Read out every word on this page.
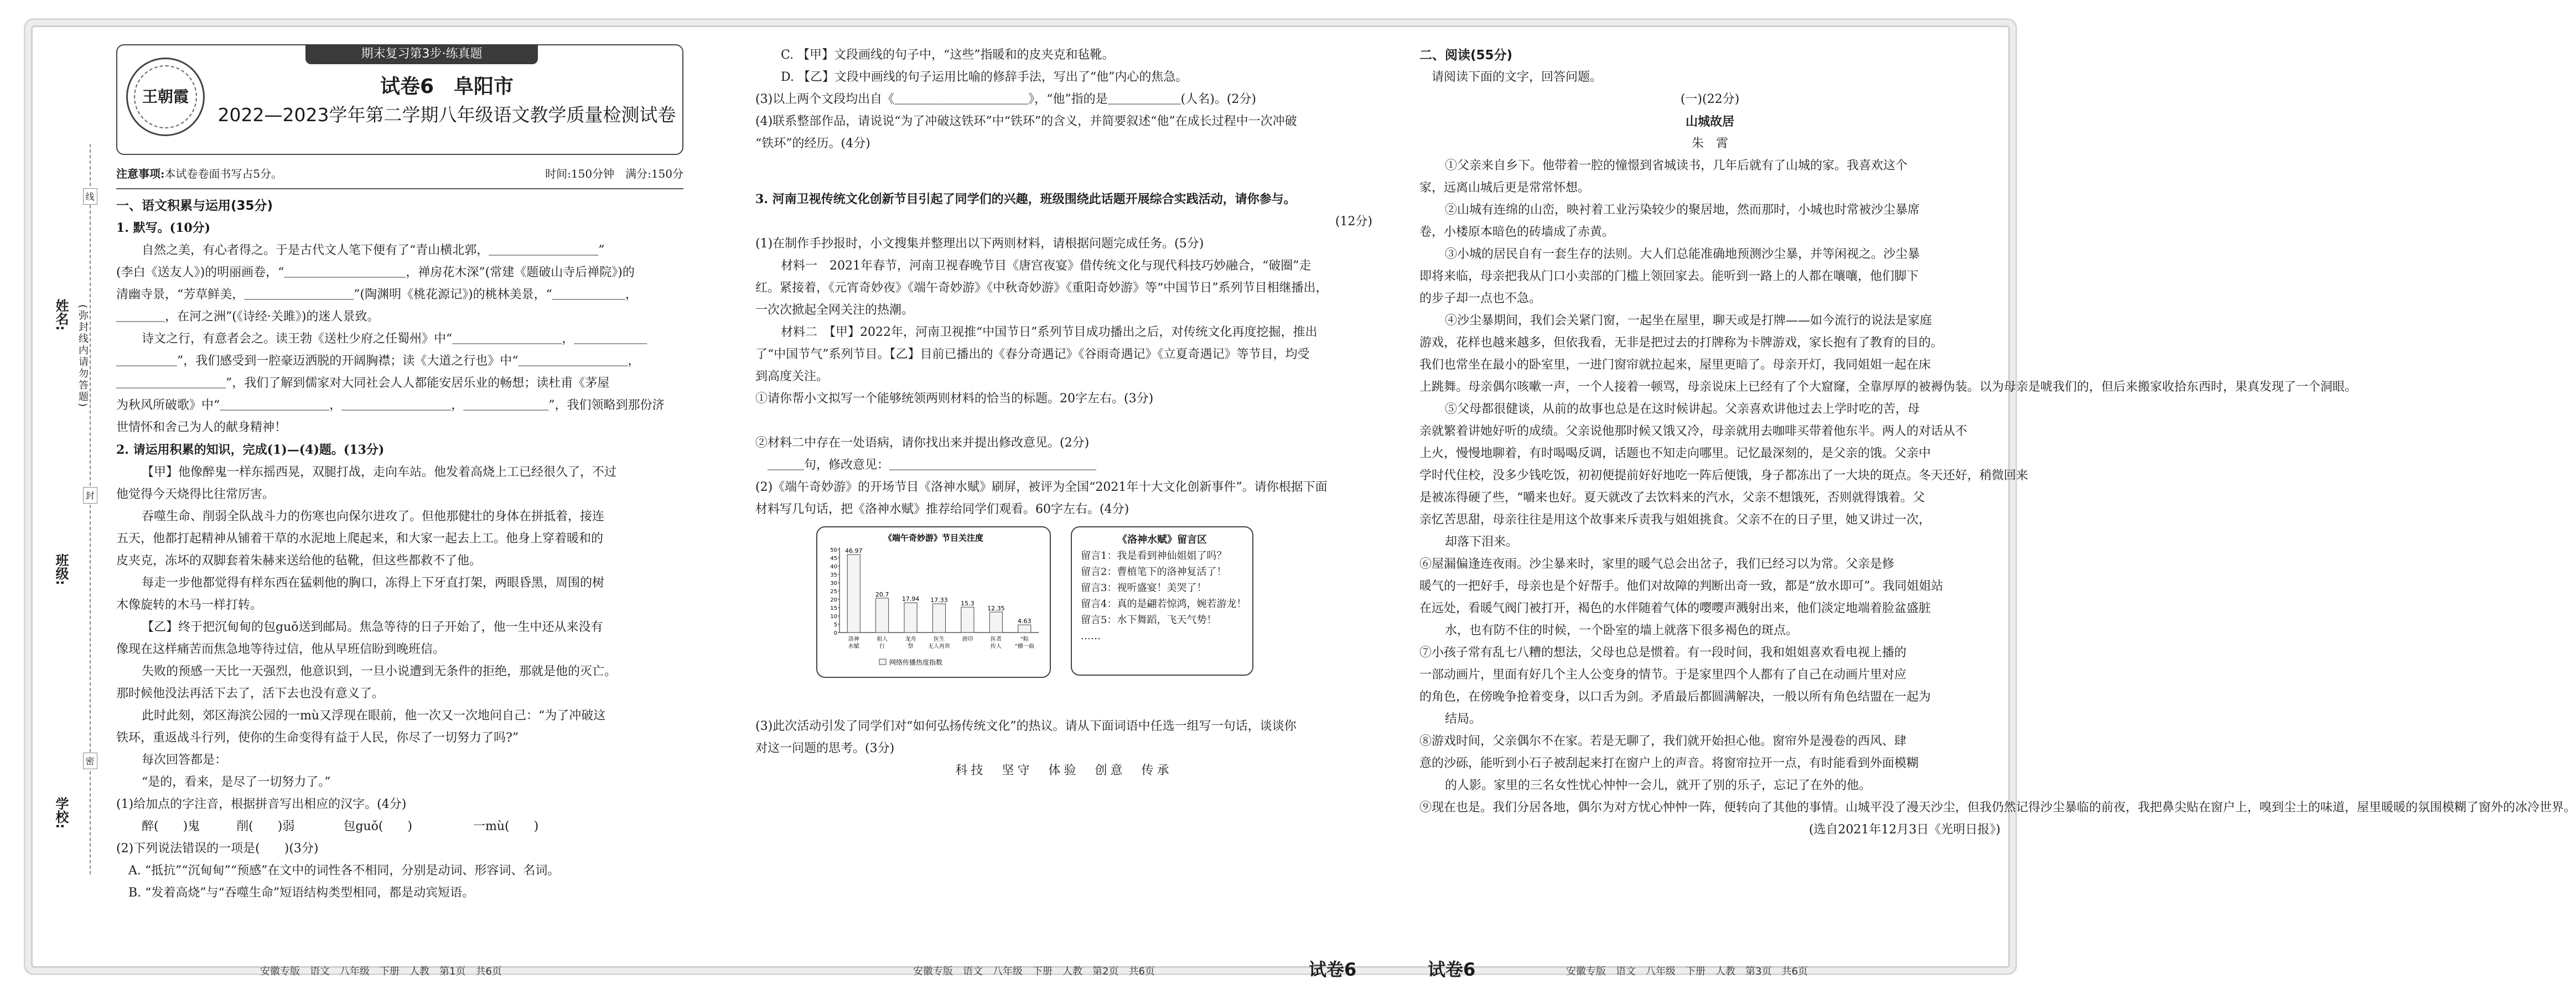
姓名:
班级:
学校:
(弥封线内请勿答题)
线
封
密
期末复习第3步·练真题
王朝霞	试卷6　阜阳市
2022—2023学年第二学期八年级语文教学质量检测试卷
注意事项:本试卷卷面书写占5分。	时间:150分钟　满分:150分

一、语文积累与运用(35分)

1. 默写。(10分)

自然之美，有心者得之。于是古代文人笔下便有了“青山横北郭，＿＿＿＿＿＿＿＿＿”

(李白《送友人》)的明丽画卷，“＿＿＿＿＿＿＿＿＿＿，禅房花木深”(常建《题破山寺后禅院》)的

清幽寺景，“芳草鲜美，＿＿＿＿＿＿＿＿＿”(陶渊明《桃花源记》)的桃林美景，“＿＿＿＿＿＿，

＿＿＿＿，在河之洲”(《诗经·关雎》)的迷人景致。

诗文之行，有意者会之。读王勃《送杜少府之任蜀州》中“＿＿＿＿＿＿＿＿＿，＿＿＿＿＿＿

＿＿＿＿＿”，我们感受到一腔豪迈洒脱的开阔胸襟；读《大道之行也》中“＿＿＿＿＿＿＿＿＿，

＿＿＿＿＿＿＿＿＿”，我们了解到儒家对大同社会人人都能安居乐业的畅想；读杜甫《茅屋

为秋风所破歌》中“＿＿＿＿＿＿＿＿＿，＿＿＿＿＿＿＿＿＿，＿＿＿＿＿＿＿”，我们领略到那份济

世情怀和舍己为人的献身精神！

2. 请运用积累的知识，完成(1)—(4)题。(13分)

【甲】他像醉鬼一样东摇西晃，双腿打战，走向车站。他发着高烧上工已经很久了，不过

他觉得今天烧得比往常厉害。

吞噬生命、削弱全队战斗力的伤寒也向保尔进攻了。但他那健壮的身体在拼抵着，接连

五天，他都打起精神从铺着干草的水泥地上爬起来，和大家一起去上工。他身上穿着暖和的

皮夹克，冻坏的双脚套着朱赫来送给他的毡靴，但这些都救不了他。

每走一步他都觉得有样东西在猛刺他的胸口，冻得上下牙直打架，两眼昏黑，周围的树

木像旋转的木马一样打转。

【乙】终于把沉甸甸的包guǒ送到邮局。焦急等待的日子开始了，他一生中还从来没有

像现在这样痛苦而焦急地等待过信，他从早班信盼到晚班信。

失败的预感一天比一天强烈，他意识到，一旦小说遭到无条件的拒绝，那就是他的灭亡。

那时候他没法再活下去了，活下去也没有意义了。

此时此刻，郊区海滨公园的一mù又浮现在眼前，他一次又一次地问自己：“为了冲破这

铁环，重返战斗行列，使你的生命变得有益于人民，你尽了一切努力了吗?”

每次回答都是：

“是的，看来，是尽了一切努力了。”

(1)给加点的字注音，根据拼音写出相应的汉字。(4分)

醉(　　)鬼　　　削(　　)弱　　　　包guǒ(　　)　　　　　一mù(　　)

(2)下列说法错误的一项是(　　)(3分)

A. “抵抗”“沉甸甸”“预感”在文中的词性各不相同，分别是动词、形容词、名词。

B. “发着高烧”与“吞噬生命”短语结构类型相同，都是动宾短语。

安徽专版　语文　八年级　下册　人教　第1页　共6页

C. 【甲】文段画线的句子中，“这些”指暖和的皮夹克和毡靴。

D. 【乙】文段中画线的句子运用比喻的修辞手法，写出了“他”内心的焦急。

(3)以上两个文段均出自《＿＿＿＿＿＿＿＿＿＿＿》，“他”指的是＿＿＿＿＿＿(人名)。(2分)

(4)联系整部作品，请说说“为了冲破这铁环”中“铁环”的含义，并简要叙述“他”在成长过程中一次冲破

“铁环”的经历。(4分)

3. 河南卫视传统文化创新节目引起了同学们的兴趣，班级围绕此话题开展综合实践活动，请你参与。

(12分)

(1)在制作手抄报时，小文搜集并整理出以下两则材料，请根据问题完成任务。(5分)

材料一　2021年春节，河南卫视春晚节目《唐宫夜宴》借传统文化与现代科技巧妙融合，“破圈”走

红。紧接着，《元宵奇妙夜》《端午奇妙游》《中秋奇妙游》《重阳奇妙游》等“中国节日”系列节目相继播出，

一次次掀起全网关注的热潮。

材料二　【甲】2022年，河南卫视推“中国节日”系列节目成功播出之后，对传统文化再度挖掘，推出

了“中国节气”系列节目。【乙】目前已播出的《春分奇遇记》《谷雨奇遇记》《立夏奇遇记》等节目，均受

到高度关注。

①请你帮小文拟写一个能够统领两则材料的恰当的标题。20字左右。(3分)

②材料二中存在一处语病，请你找出来并提出修改意见。(2分)

＿＿＿句，修改意见：＿＿＿＿＿＿＿＿＿＿＿＿＿＿＿＿＿

(2)《端午奇妙游》的开场节目《洛神水赋》刷屏，被评为全国“2021年十大文化创新事件”。请你根据下面

材料写几句话，把《洛神水赋》推荐给同学们观看。60字左右。(4分)

《端午奇妙游》节目关注度
0
5
10
15
20
25
30
35
40
45
50 46.97
洛神
水赋
20.7
祖人
行
17.94
龙舟
祭
17.33
医生
无人再世
15.3
唐印
12.35
医者
传人
4.63
“粽
”横一曲
网络传播热度指数

《洛神水赋》留言区

留言1：我是看到神仙姐姐了吗？

留言2：曹植笔下的洛神复活了！

留言3：视听盛宴！美哭了！

留言4：真的是翩若惊鸿，婉若游龙！

留言5：水下舞蹈，飞天气势！

……

(3)此次活动引发了同学们对“如何弘扬传统文化”的热议。请从下面词语中任选一组写一句话，谈谈你

对这一问题的思考。(3分)

科技　坚守　体验　创意　传承

安徽专版　语文　八年级　下册　人教　第2页　共6页	试卷6

二、阅读(55分)

请阅读下面的文字，回答问题。

(一)(22分)

山城故居

朱　霄

①父亲来自乡下。他带着一腔的憧憬到省城读书，几年后就有了山城的家。我喜欢这个

家，远离山城后更是常常怀想。

②山城有连绵的山峦，映衬着工业污染较少的聚居地，然而那时，小城也时常被沙尘暴席

卷，小楼原本暗色的砖墙成了赤黄。

③小城的居民自有一套生存的法则。大人们总能准确地预测沙尘暴，并等闲视之。沙尘暴

即将来临，母亲把我从门口小卖部的门槛上领回家去。能听到一路上的人都在嚷嚷，他们脚下

的步子却一点也不急。

④沙尘暴期间，我们会关紧门窗，一起坐在屋里，聊天或是打牌——如今流行的说法是家庭

游戏，花样也越来越多，但依我看，无非是把过去的打牌称为卡牌游戏，家长抱有了教育的目的。

我们也常坐在最小的卧室里，一进门窗帘就拉起来，屋里更暗了。母亲开灯，我同姐姐一起在床

上跳舞。母亲偶尔咳嗽一声，一个人接着一顿骂，母亲说床上已经有了个大窟窿，全靠厚厚的被褥伪装。以为母亲是唬我们的，但后来搬家收拾东西时，果真发现了一个洞眼。

⑤父母都很健谈，从前的故事也总是在这时候讲起。父亲喜欢讲他过去上学时吃的苦，母

亲就繁着讲她好听的成绩。父亲说他那时候又饿又冷，母亲就用去咖啡买带着他东半。两人的对话从不

上火，慢慢地聊着，有时喝喝反调，话题也不知走向哪里。记忆最深刻的，是父亲的饿。父亲中

学时代住校，没多少钱吃饭，初初便提前好好地吃一阵后便饿，身子都冻出了一大块的斑点。冬天还好，稍微回来

是被冻得硬了些，“嚼来也好。夏天就改了去饮料来的汽水，父亲不想饿死，否则就得饿着。父

亲忆苦思甜，母亲往往是用这个故事来斥责我与姐姐挑食。父亲不在的日子里，她又讲过一次，

却落下泪来。

⑥屋漏偏逢连夜雨。沙尘暴来时，家里的暖气总会出岔子，我们已经习以为常。父亲是修

暖气的一把好手，母亲也是个好帮手。他们对故障的判断出奇一致，都是“放水即可”。我同姐姐站

在远处，看暖气阀门被打开，褐色的水伴随着气体的嘤嘤声溅射出来，他们淡定地端着脸盆盛脏

水，也有防不住的时候，一个卧室的墙上就落下很多褐色的斑点。

⑦小孩子常有乱七八糟的想法，父母也总是惯着。有一段时间，我和姐姐喜欢看电视上播的

一部动画片，里面有好几个主人公变身的情节。于是家里四个人都有了自己在动画片里对应

的角色，在傍晚争抢着变身，以口舌为剑。矛盾最后都圆满解决，一般以所有角色结盟在一起为

结局。

⑧游戏时间，父亲偶尔不在家。若是无聊了，我们就开始担心他。窗帘外是漫卷的西风、肆

意的沙砾，能听到小石子被刮起来打在窗户上的声音。将窗帘拉开一点，有时能看到外面模糊

的人影。家里的三名女性忧心忡忡一会儿，就开了别的乐子，忘记了在外的他。

⑨现在也是。我们分居各地，偶尔为对方忧心忡忡一阵，便转向了其他的事情。山城平没了漫天沙尘，但我仍然记得沙尘暴临的前夜，我把鼻尖贴在窗户上，嗅到尘土的味道，屋里暖暖的氛围模糊了窗外的冰冷世界。

(选自2021年12月3日《光明日报》)

试卷6	安徽专版　语文　八年级　下册　人教　第3页　共6页
